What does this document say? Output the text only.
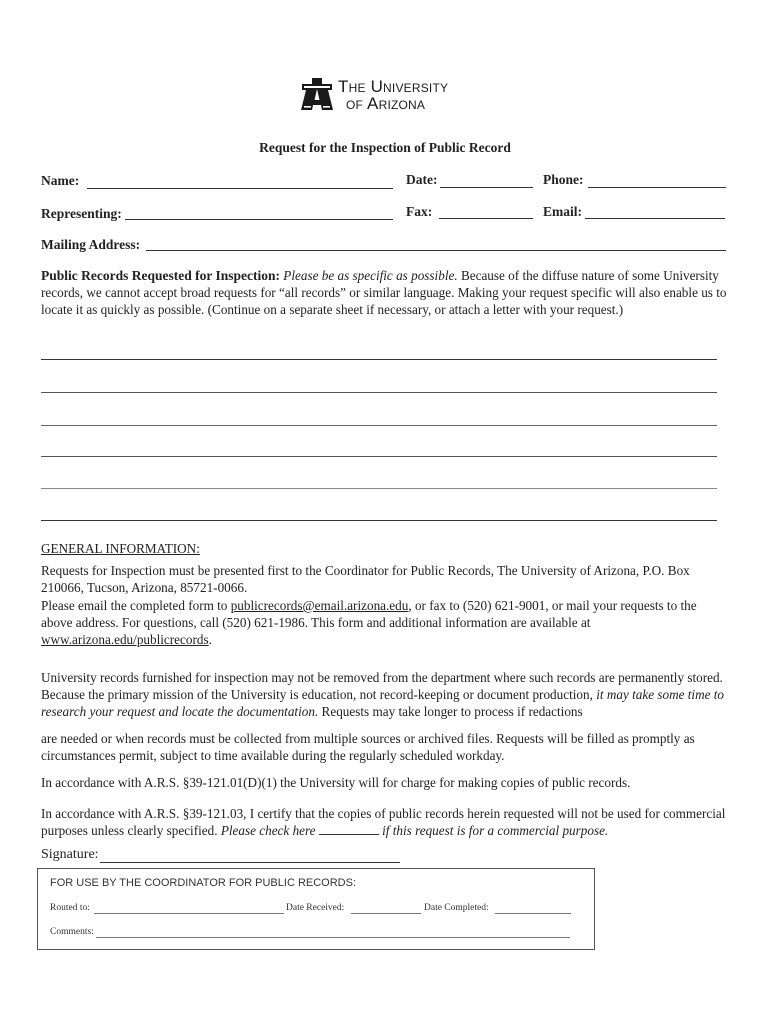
The University
of Arizona
Request for the Inspection of Public Record
Name:	Date:	Phone:
Representing:	Fax:	Email:
Mailing Address:
Public Records Requested for Inspection: Please be as specific as possible. Because of the diffuse nature of some University records, we cannot accept broad requests for “all records” or similar language. Making your request specific will also enable us to locate it as quickly as possible. (Continue on a separate sheet if necessary, or attach a letter with your request.)
GENERAL INFORMATION:
Requests for Inspection must be presented first to the Coordinator for Public Records, The University of Arizona, P.O. Box 210066, Tucson, Arizona, 85721-0066.
Please email the completed form to publicrecords@email.arizona.edu, or fax to (520) 621-9001, or mail your requests to the above address. For questions, call (520) 621-1986. This form and additional information are available at www.arizona.edu/publicrecords.
University records furnished for inspection may not be removed from the department where such records are permanently stored. Because the primary mission of the University is education, not record-keeping or document production, it may take some time to research your request and locate the documentation. Requests may take longer to process if redactions
are needed or when records must be collected from multiple sources or archived files. Requests will be filled as promptly as circumstances permit, subject to time available during the regularly scheduled workday.
In accordance with A.R.S. §39-121.01(D)(1) the University will for charge for making copies of public records.
In accordance with A.R.S. §39-121.03, I certify that the copies of public records herein requested will not be used for commercial purposes unless clearly specified. Please check here	if this request is for a commercial purpose.
Signature:
FOR USE BY THE COORDINATOR FOR PUBLIC RECORDS:
Routed to:	Date Received:	Date Completed:
Comments:
